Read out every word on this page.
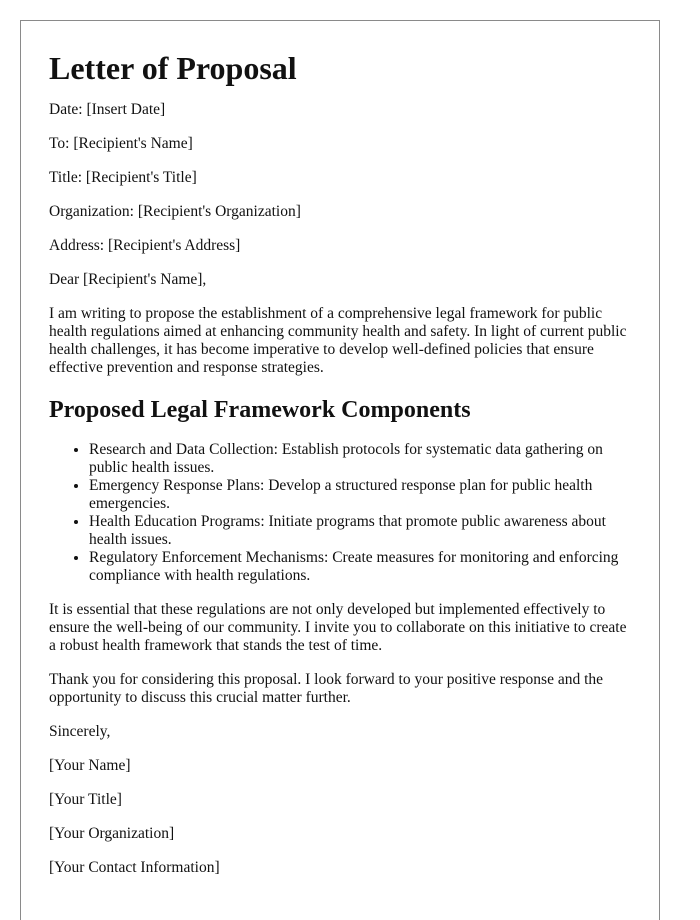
Letter of Proposal

Date: [Insert Date]

To: [Recipient's Name]

Title: [Recipient's Title]

Organization: [Recipient's Organization]

Address: [Recipient's Address]

Dear [Recipient's Name],

I am writing to propose the establishment of a comprehensive legal framework for public health regulations aimed at enhancing community health and safety. In light of current public health challenges, it has become imperative to develop well-defined policies that ensure effective prevention and response strategies.

Proposed Legal Framework Components
• Research and Data Collection: Establish protocols for systematic data gathering on public health issues.
• Emergency Response Plans: Develop a structured response plan for public health emergencies.
• Health Education Programs: Initiate programs that promote public awareness about health issues.
• Regulatory Enforcement Mechanisms: Create measures for monitoring and enforcing compliance with health regulations.

It is essential that these regulations are not only developed but implemented effectively to ensure the well-being of our community. I invite you to collaborate on this initiative to create a robust health framework that stands the test of time.

Thank you for considering this proposal. I look forward to your positive response and the opportunity to discuss this crucial matter further.

Sincerely,

[Your Name]

[Your Title]

[Your Organization]

[Your Contact Information]
